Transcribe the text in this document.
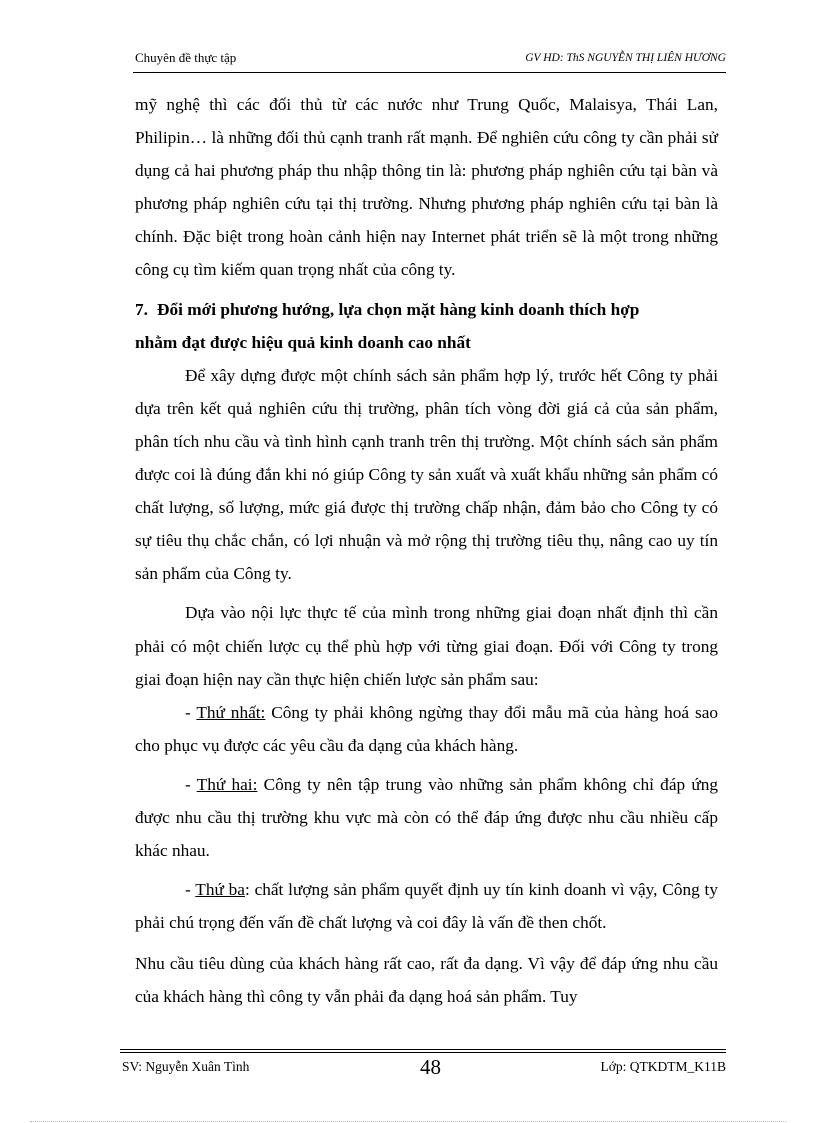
Chuyên đề thực tập	GV HD: ThS NGUYỄN THỊ LIÊN HƯƠNG

mỹ nghệ thì các đối thủ từ các nước như Trung Quốc, Malaisya, Thái Lan, Philipin… là những đối thủ cạnh tranh rất mạnh. Để nghiên cứu công ty cần phải sử dụng cả hai phương pháp thu nhập thông tin là: phương pháp nghiên cứu tại bàn và phương pháp nghiên cứu tại thị trường. Nhưng phương pháp nghiên cứu tại bàn là chính. Đặc biệt trong hoàn cảnh hiện nay Internet phát triển sẽ là một trong những công cụ tìm kiếm quan trọng nhất của công ty.

7. Đổi mới phương hướng, lựa chọn mặt hàng kinh doanh thích hợp
nhằm đạt được hiệu quả kinh doanh cao nhất

Để xây dựng được một chính sách sản phẩm hợp lý, trước hết Công ty phải dựa trên kết quả nghiên cứu thị trường, phân tích vòng đời giá cả của sản phẩm, phân tích nhu cầu và tình hình cạnh tranh trên thị trường. Một chính sách sản phẩm được coi là đúng đắn khi nó giúp Công ty sản xuất và xuất khẩu những sản phẩm có chất lượng, số lượng, mức giá được thị trường chấp nhận, đảm bảo cho Công ty có sự tiêu thụ chắc chắn, có lợi nhuận và mở rộng thị trường tiêu thụ, nâng cao uy tín sản phẩm của Công ty.

Dựa vào nội lực thực tế của mình trong những giai đoạn nhất định thì cần phải có một chiến lược cụ thể phù hợp với từng giai đoạn. Đối với Công ty trong giai đoạn hiện nay cần thực hiện chiến lược sản phẩm sau:

- Thứ nhất: Công ty phải không ngừng thay đổi mẫu mã của hàng hoá sao cho phục vụ được các yêu cầu đa dạng của khách hàng.

- Thứ hai: Công ty nên tập trung vào những sản phẩm không chỉ đáp ứng được nhu cầu thị trường khu vực mà còn có thể đáp ứng được nhu cầu nhiều cấp khác nhau.

- Thứ ba: chất lượng sản phẩm quyết định uy tín kinh doanh vì vậy, Công ty phải chú trọng đến vấn đề chất lượng và coi đây là vấn đề then chốt.

Nhu cầu tiêu dùng của khách hàng rất cao, rất đa dạng. Vì vậy để đáp ứng nhu cầu của khách hàng thì công ty vẫn phải đa dạng hoá sản phẩm. Tuy

SV: Nguyễn Xuân Tình	48	Lớp: QTKDTM_K11B
